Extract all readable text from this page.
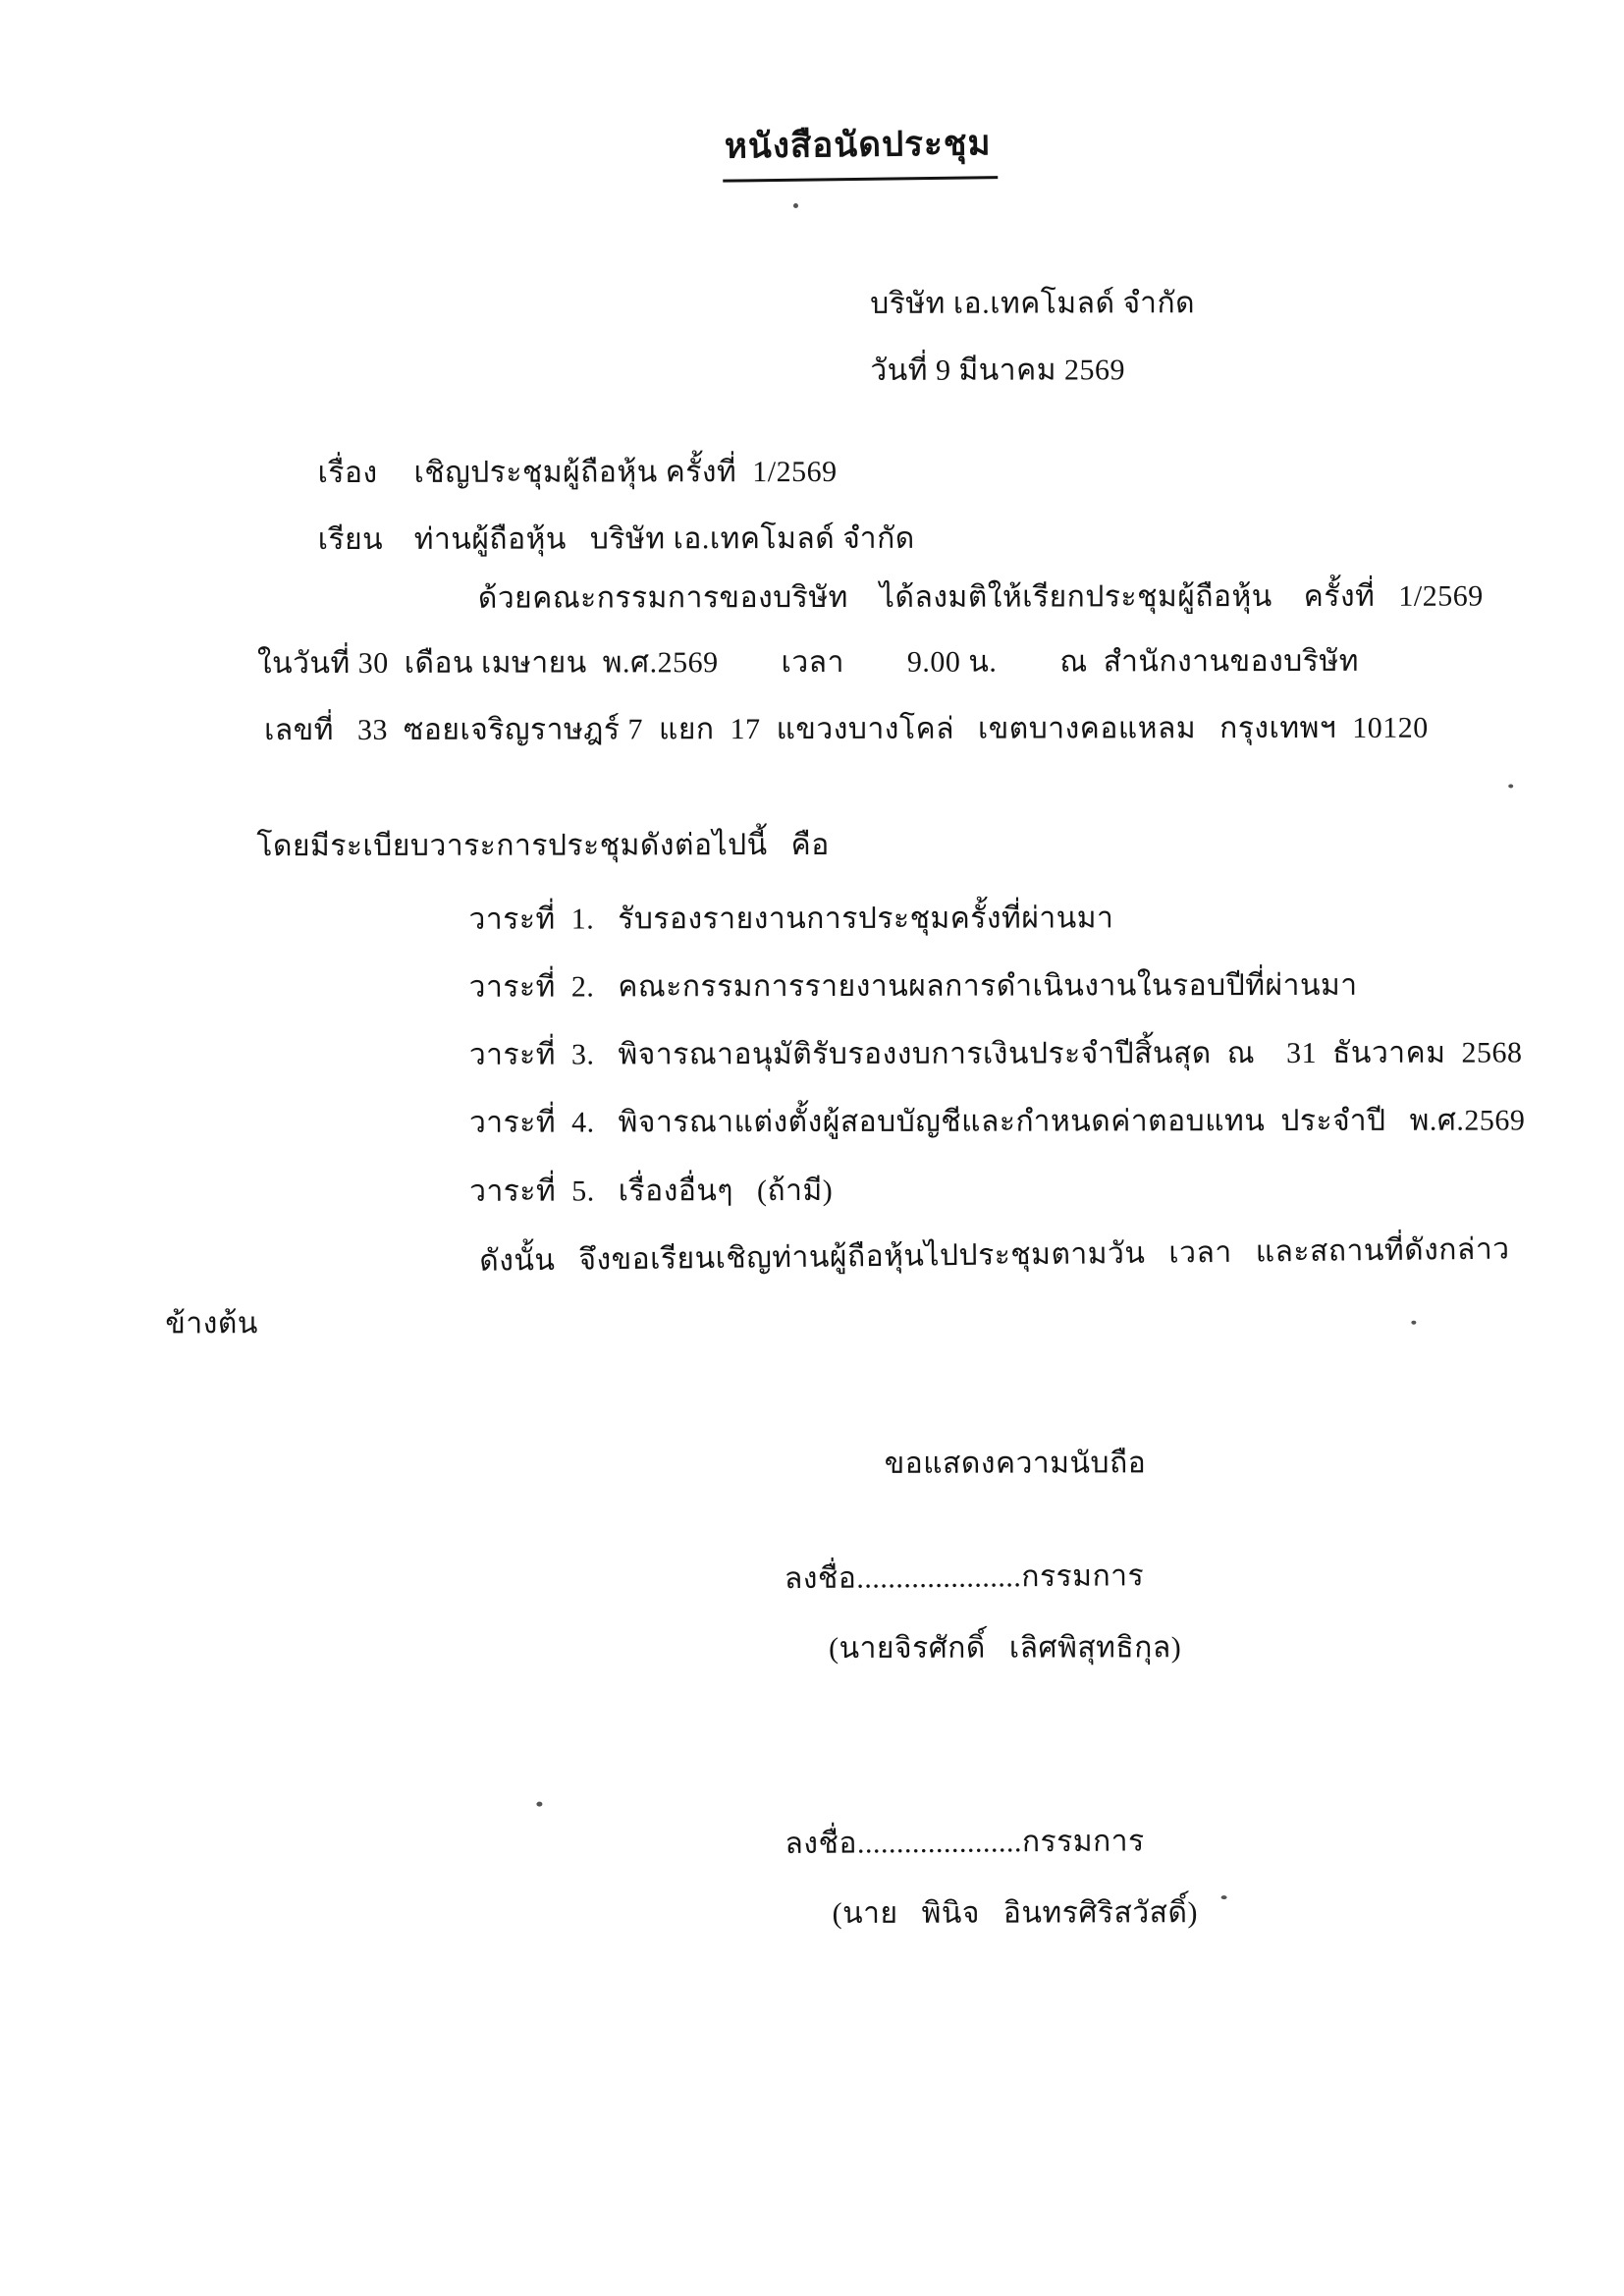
หนังสือนัดประชุม
บริษัท เอ.เทคโมลด์ จำกัด
วันที่ 9 มีนาคม 2569

เรื่อง เชิญประชุมผู้ถือหุ้น ครั้งที่  1/2569

เรียน ท่านผู้ถือหุ้น   บริษัท เอ.เทคโมลด์ จำกัด

ด้วยคณะกรรมการของบริษัท    ได้ลงมติให้เรียกประชุมผู้ถือหุ้น    ครั้งที่   1/2569
ในวันที่ 30  เดือน เมษายน  พ.ศ.2569        เวลา        9.00 น.        ณ  สำนักงานของบริษัท
เลขที่   33  ซอยเจริญราษฎร์ 7  แยก  17  แขวงบางโคล่   เขตบางคอแหลม   กรุงเทพฯ  10120
โดยมีระเบียบวาระการประชุมดังต่อไปนี้   คือ
วาระที่  1.   รับรองรายงานการประชุมครั้งที่ผ่านมา
วาระที่  2.   คณะกรรมการรายงานผลการดำเนินงานในรอบปีที่ผ่านมา
วาระที่  3.   พิจารณาอนุมัติรับรองงบการเงินประจำปีสิ้นสุด  ณ    31  ธันวาคม  2568
วาระที่  4.   พิจารณาแต่งตั้งผู้สอบบัญชีและกำหนดค่าตอบแทน  ประจำปี   พ.ศ.2569
วาระที่  5.   เรื่องอื่นๆ   (ถ้ามี)
ดังนั้น   จึงขอเรียนเชิญท่านผู้ถือหุ้นไปประชุมตามวัน   เวลา   และสถานที่ดังกล่าว
ข้างต้น
ขอแสดงความนับถือ
ลงชื่อ.....................กรรมการ
(นายจิรศักดิ์   เลิศพิสุทธิกุล)
ลงชื่อ.....................กรรมการ
(นาย   พินิจ   อินทรศิริสวัสดิ์)
